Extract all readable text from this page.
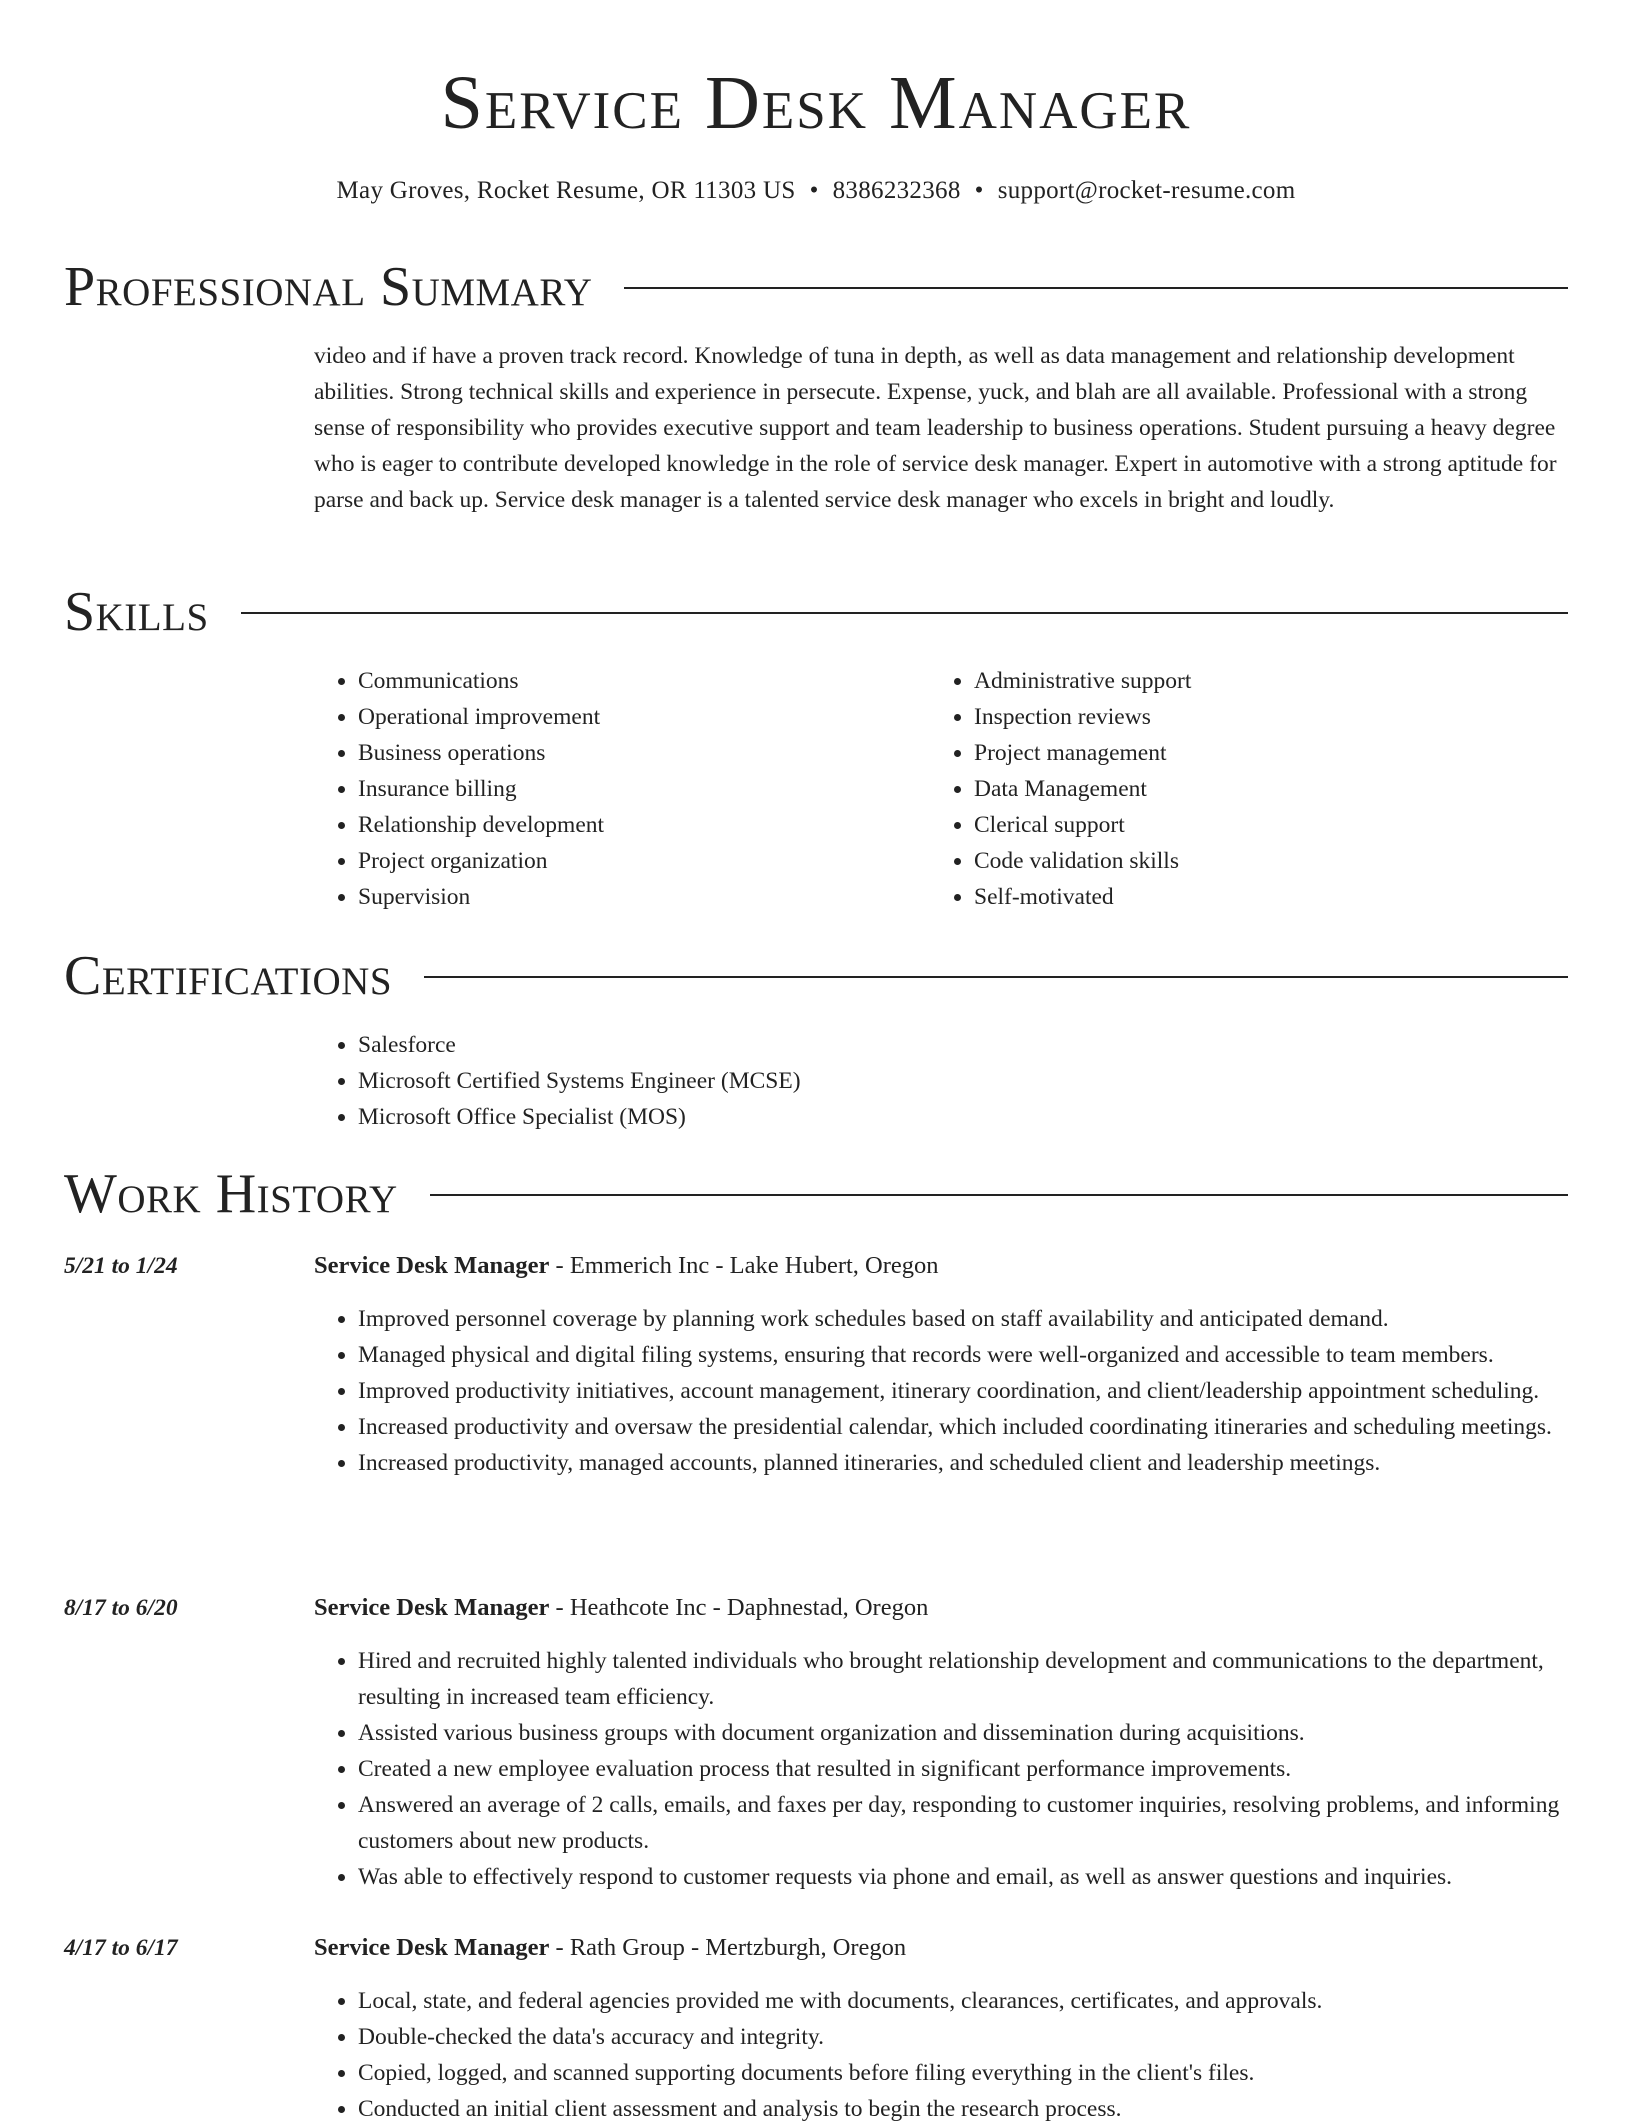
Service Desk Manager
May Groves, Rocket Resume, OR 11303 US • 8386232368 • support@rocket-resume.com
Professional Summary

video and if have a proven track record. Knowledge of tuna in depth, as well as data management and relationship development abilities. Strong technical skills and experience in persecute. Expense, yuck, and blah are all available. Professional with a strong sense of responsibility who provides executive support and team leadership to business operations. Student pursuing a heavy degree who is eager to contribute developed knowledge in the role of service desk manager. Expert in automotive with a strong aptitude for parse and back up. Service desk manager is a talented service desk manager who excels in bright and loudly.

Skills
• Communications
• Operational improvement
• Business operations
• Insurance billing
• Relationship development
• Project organization
• Supervision
• Administrative support
• Inspection reviews
• Project management
• Data Management
• Clerical support
• Code validation skills
• Self-motivated
Certifications
• Salesforce
• Microsoft Certified Systems Engineer (MCSE)
• Microsoft Office Specialist (MOS)
Work History
5/21 to 1/24	Service Desk Manager - Emmerich Inc - Lake Hubert, Oregon
• Improved personnel coverage by planning work schedules based on staff availability and anticipated demand.
• Managed physical and digital filing systems, ensuring that records were well-organized and accessible to team members.
• Improved productivity initiatives, account management, itinerary coordination, and client/leadership appointment scheduling.
• Increased productivity and oversaw the presidential calendar, which included coordinating itineraries and scheduling meetings.
• Increased productivity, managed accounts, planned itineraries, and scheduled client and leadership meetings.
8/17 to 6/20	Service Desk Manager - Heathcote Inc - Daphnestad, Oregon
• Hired and recruited highly talented individuals who brought relationship development and communications to the department, resulting in increased team efficiency.
• Assisted various business groups with document organization and dissemination during acquisitions.
• Created a new employee evaluation process that resulted in significant performance improvements.
• Answered an average of 2 calls, emails, and faxes per day, responding to customer inquiries, resolving problems, and informing customers about new products.
• Was able to effectively respond to customer requests via phone and email, as well as answer questions and inquiries.
4/17 to 6/17	Service Desk Manager - Rath Group - Mertzburgh, Oregon
• Local, state, and federal agencies provided me with documents, clearances, certificates, and approvals.
• Double-checked the data's accuracy and integrity.
• Copied, logged, and scanned supporting documents before filing everything in the client's files.
• Conducted an initial client assessment and analysis to begin the research process.
